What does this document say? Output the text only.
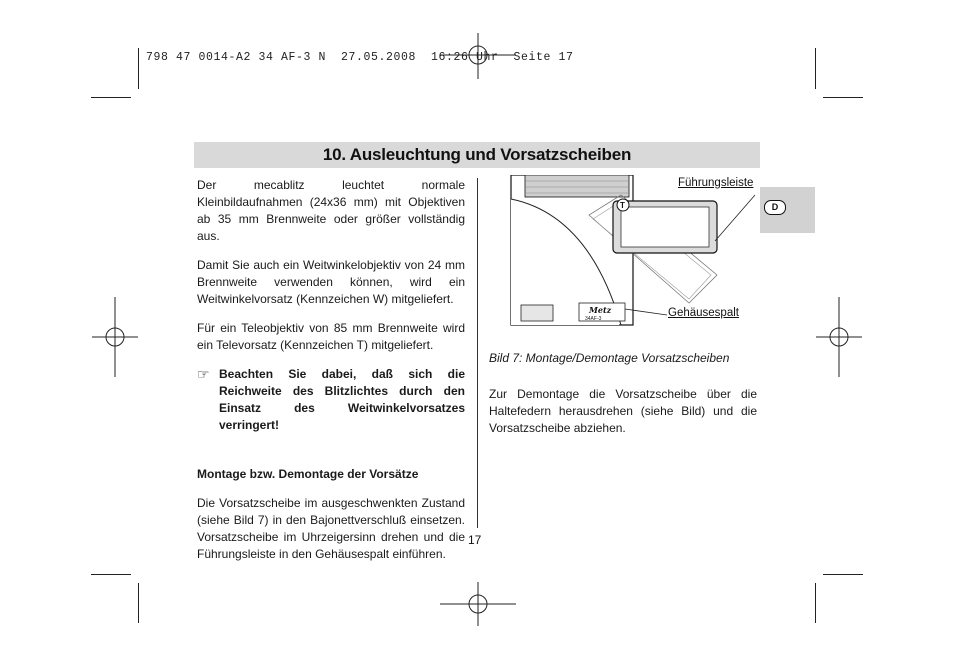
798 47 0014-A2 34 AF-3 N  27.05.2008  16:26 Uhr  Seite 17
10. Ausleuchtung und Vorsatzscheiben
D

Der mecablitz leuchtet normale Kleinbildaufnahmen (24x36 mm) mit Objektiven ab 35 mm Brennweite oder größer vollständig aus.

Damit Sie auch ein Weitwinkelobjektiv von 24 mm Brennweite verwenden können, wird ein Weitwinkelvorsatz (Kennzeichen W) mitgeliefert.

Für ein Teleobjektiv von 85 mm Brennweite wird ein Televorsatz (Kennzeichen T) mitgeliefert.

☞ Beachten Sie dabei, daß sich die Reichweite des Blitzlichtes durch den Einsatz des Weitwinkelvorsatzes verringert!

Montage bzw. Demontage der Vorsätze

Die Vorsatzscheibe im ausgeschwenkten Zustand (siehe Bild 7) in den Bajonettverschluß einsetzen. Vorsatzscheibe im Uhrzeigersinn drehen und die Führungsleiste in den Gehäusespalt einführen.

Metz
34AF-3
T
Führungsleiste
Gehäusespalt
Bild 7: Montage/Demontage Vorsatzscheiben

Zur Demontage die Vorsatzscheibe über die Haltefedern herausdrehen (siehe Bild) und die Vorsatzscheibe abziehen.

17
